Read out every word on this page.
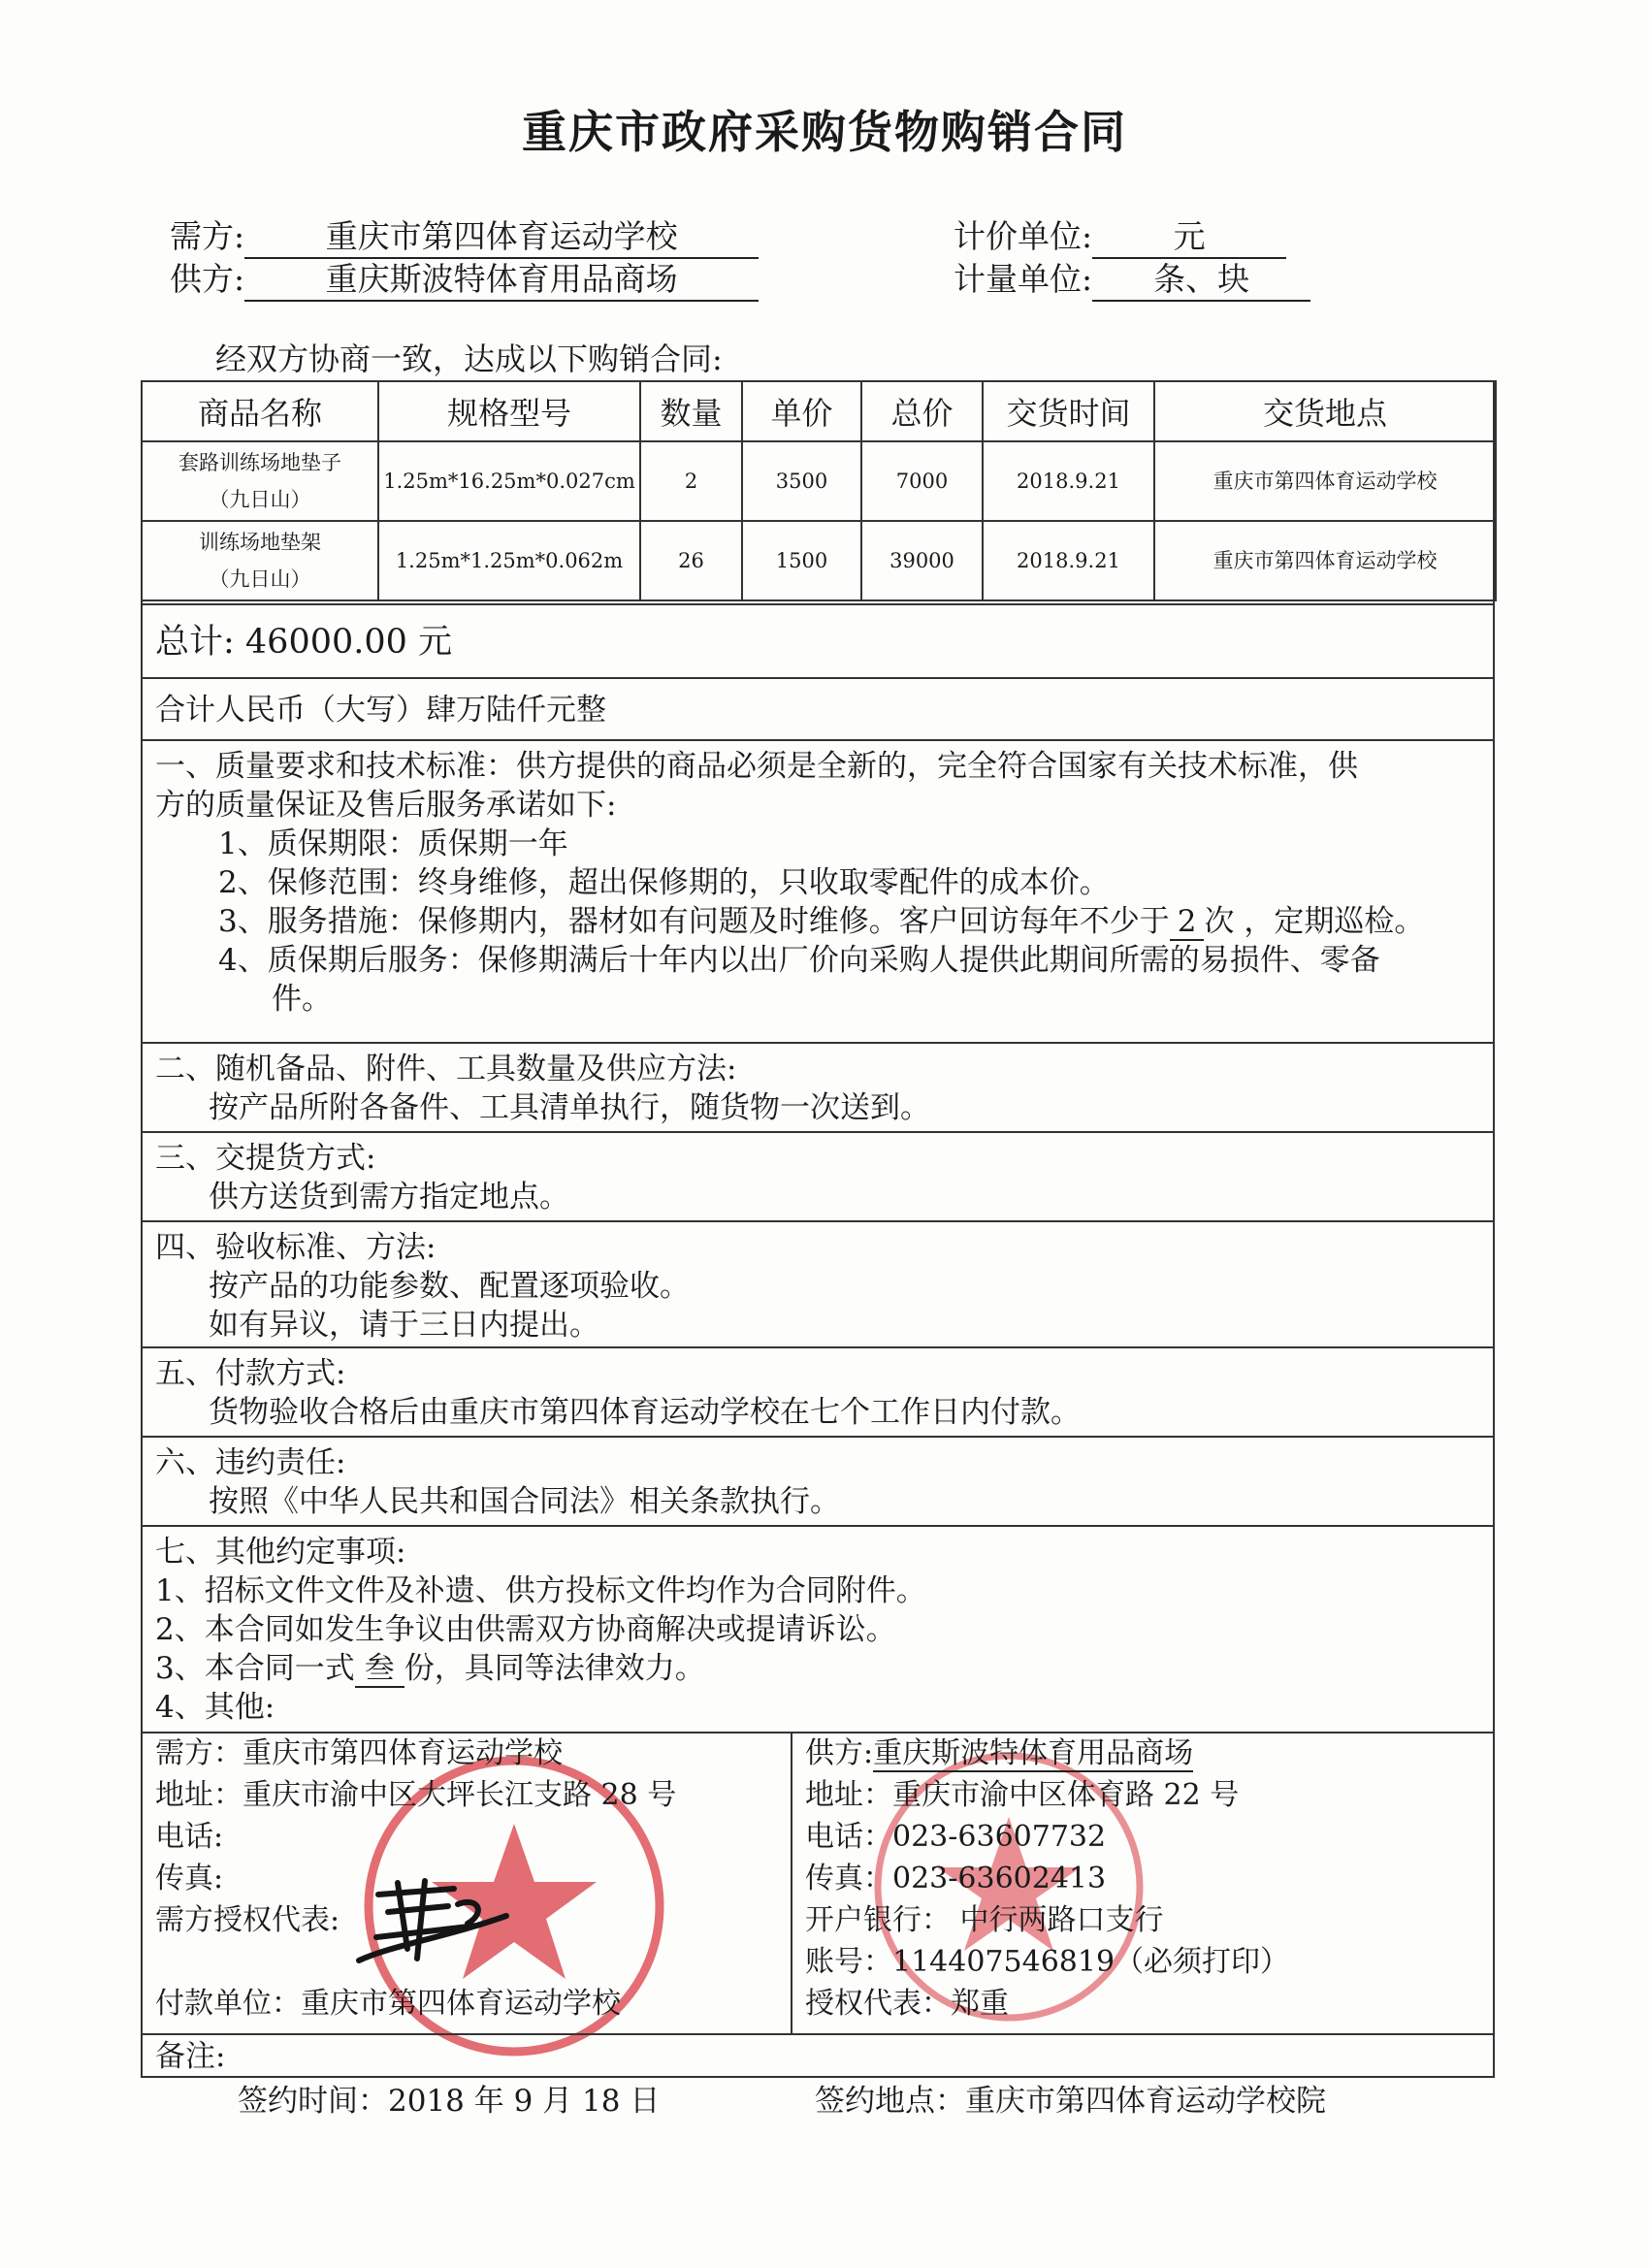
重庆市政府采购货物购销合同
需方:	重庆市第四体育运动学校
供方:	重庆斯波特体育用品商场
计价单位:	元
计量单位: 条、块
经双方协商一致，达成以下购销合同:
商品名称	规格型号	数量	单价	总价	交货时间	交货地点

套路训练场地垫子
（九日山）	1.25m*16.25m*0.027cm	2	3500	7000	2018.9.21	重庆市第四体育运动学校

训练场地垫架
（九日山）	1.25m*1.25m*0.062m	26	1500	39000	2018.9.21	重庆市第四体育运动学校
总计: 46000.00 元
合计人民币（大写）肆万陆仟元整
一、质量要求和技术标准：供方提供的商品必须是全新的，完全符合国家有关技术标准，供
方的质量保证及售后服务承诺如下:
1、质保期限：质保期一年
2、保修范围：终身维修，超出保修期的，只收取零配件的成本价。
3、服务措施：保修期内，器材如有问题及时维修。客户回访每年不少于 2 次 ，定期巡检。
4、质保期后服务：保修期满后十年内以出厂价向采购人提供此期间所需的易损件、零备
件。
二、随机备品、附件、工具数量及供应方法:
按产品所附各备件、工具清单执行，随货物一次送到。
三、交提货方式:
供方送货到需方指定地点。
四、验收标准、方法:
按产品的功能参数、配置逐项验收。
如有异议，请于三日内提出。
五、付款方式:
货物验收合格后由重庆市第四体育运动学校在七个工作日内付款。
六、违约责任:
按照《中华人民共和国合同法》相关条款执行。
七、其他约定事项:
1、招标文件文件及补遗、供方投标文件均作为合同附件。
2、本合同如发生争议由供需双方协商解决或提请诉讼。
3、本合同一式 叁 份，具同等法律效力。
4、其他:
需方：重庆市第四体育运动学校
地址：重庆市渝中区大坪长江支路 28 号
电话:
传真:
需方授权代表:
付款单位：重庆市第四体育运动学校
供方:重庆斯波特体育用品商场
地址：重庆市渝中区体育路 22 号
电话：023-63607732
传真：023-63602413
开户银行： 中行两路口支行
账号：114407546819（必须打印）
授权代表：郑重
备注:
签约时间：2018 年 9 月 18 日	签约地点：重庆市第四体育运动学校院
